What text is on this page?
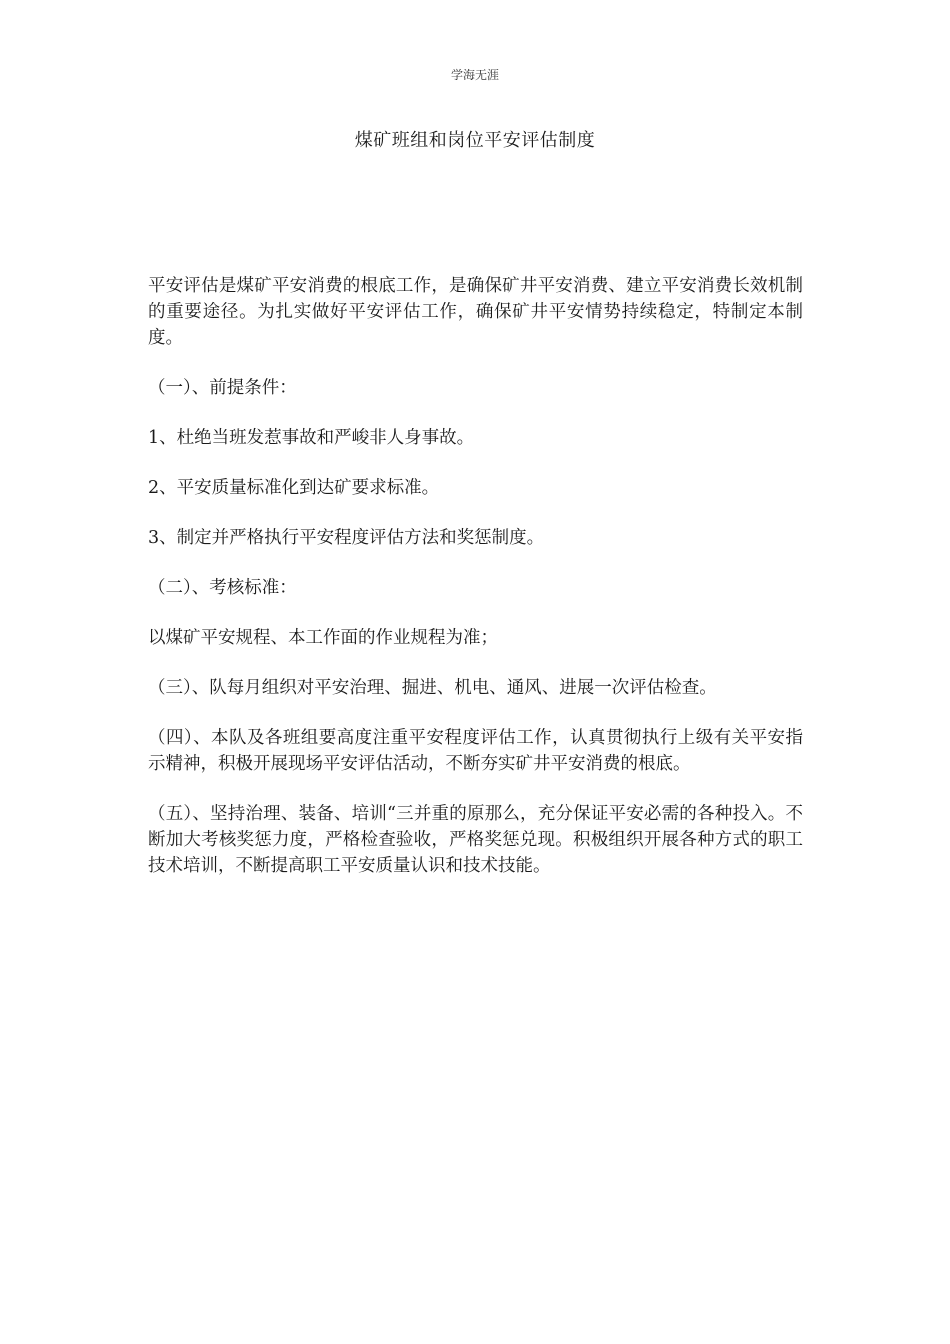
学海无涯
煤矿班组和岗位平安评估制度

平安评估是煤矿平安消费的根底工作，是确保矿井平安消费、建立平安消费长效机制的重要途径。为扎实做好平安评估工作，确保矿井平安情势持续稳定，特制定本制度。

（一）、前提条件：

1、杜绝当班发惹事故和严峻非人身事故。

2、平安质量标准化到达矿要求标准。

3、制定并严格执行平安程度评估方法和奖惩制度。

（二）、考核标准：

以煤矿平安规程、本工作面的作业规程为准；

（三）、队每月组织对平安治理、掘进、机电、通风、进展一次评估检查。

（四）、本队及各班组要高度注重平安程度评估工作，认真贯彻执行上级有关平安指示精神，积极开展现场平安评估活动，不断夯实矿井平安消费的根底。

（五）、坚持治理、装备、培训“三并重的原那么，充分保证平安必需的各种投入。不断加大考核奖惩力度，严格检查验收，严格奖惩兑现。积极组织开展各种方式的职工技术培训，不断提高职工平安质量认识和技术技能。
